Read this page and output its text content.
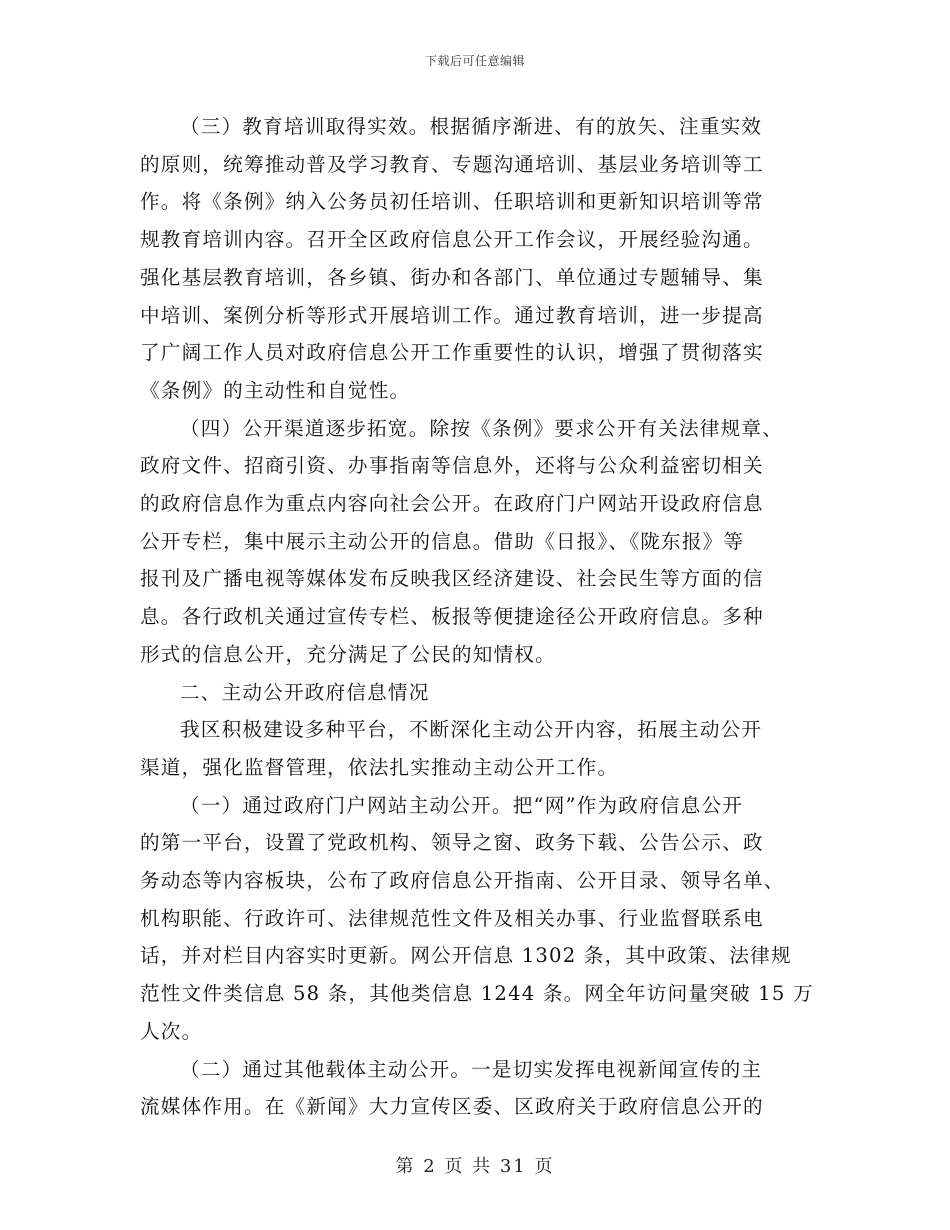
下载后可任意编辑
（三）教育培训取得实效。根据循序渐进、有的放矢、注重实效
的原则，统筹推动普及学习教育、专题沟通培训、基层业务培训等工
作。将《条例》纳入公务员初任培训、任职培训和更新知识培训等常
规教育培训内容。召开全区政府信息公开工作会议，开展经验沟通。
强化基层教育培训，各乡镇、街办和各部门、单位通过专题辅导、集
中培训、案例分析等形式开展培训工作。通过教育培训，进一步提高
了广阔工作人员对政府信息公开工作重要性的认识，增强了贯彻落实
《条例》的主动性和自觉性。
（四）公开渠道逐步拓宽。除按《条例》要求公开有关法律规章、
政府文件、招商引资、办事指南等信息外，还将与公众利益密切相关
的政府信息作为重点内容向社会公开。在政府门户网站开设政府信息
公开专栏，集中展示主动公开的信息。借助《日报》、《陇东报》等
报刊及广播电视等媒体发布反映我区经济建设、社会民生等方面的信
息。各行政机关通过宣传专栏、板报等便捷途径公开政府信息。多种
形式的信息公开，充分满足了公民的知情权。
二、主动公开政府信息情况
我区积极建设多种平台，不断深化主动公开内容，拓展主动公开
渠道，强化监督管理，依法扎实推动主动公开工作。
（一）通过政府门户网站主动公开。把“网”作为政府信息公开
的第一平台，设置了党政机构、领导之窗、政务下载、公告公示、政
务动态等内容板块，公布了政府信息公开指南、公开目录、领导名单、
机构职能、行政许可、法律规范性文件及相关办事、行业监督联系电
话，并对栏目内容实时更新。网公开信息 1302 条，其中政策、法律规
范性文件类信息 58 条，其他类信息 1244 条。网全年访问量突破 15 万
人次。
（二）通过其他载体主动公开。一是切实发挥电视新闻宣传的主
流媒体作用。在《新闻》大力宣传区委、区政府关于政府信息公开的
第 2 页 共 31 页
